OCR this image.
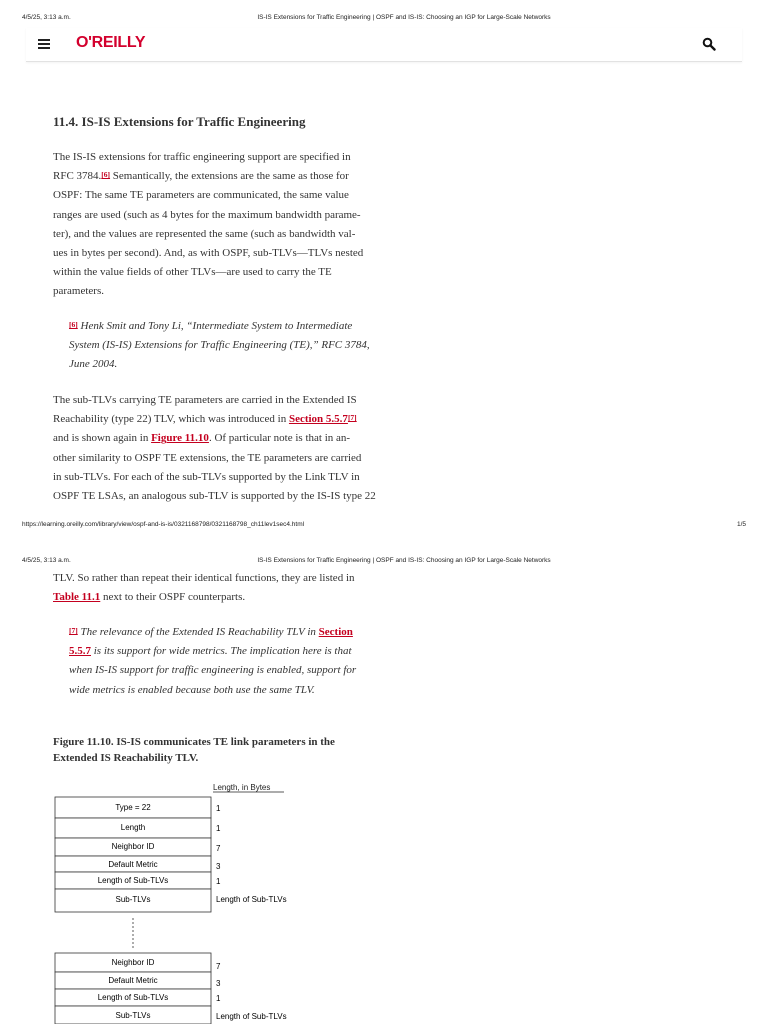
4/5/25, 3:13 a.m.	IS-IS Extensions for Traffic Engineering | OSPF and IS-IS: Choosing an IGP for Large-Scale Networks
O'REILLY
11.4. IS-IS Extensions for Traffic Engineering
The IS-IS extensions for traffic engineering support are specified in
RFC 3784.[6] Semantically, the extensions are the same as those for
OSPF: The same TE parameters are communicated, the same value
ranges are used (such as 4 bytes for the maximum bandwidth parame-
ter), and the values are represented the same (such as bandwidth val-
ues in bytes per second). And, as with OSPF, sub-TLVs—TLVs nested
within the value fields of other TLVs—are used to carry the TE
parameters.
[6] Henk Smit and Tony Li, “Intermediate System to Intermediate
System (IS-IS) Extensions for Traffic Engineering (TE),” RFC 3784,
June 2004.
The sub-TLVs carrying TE parameters are carried in the Extended IS
Reachability (type 22) TLV, which was introduced in Section 5.5.7[7]
and is shown again in Figure 11.10. Of particular note is that in an-
other similarity to OSPF TE extensions, the TE parameters are carried
in sub-TLVs. For each of the sub-TLVs supported by the Link TLV in
OSPF TE LSAs, an analogous sub-TLV is supported by the IS-IS type 22
https://learning.oreilly.com/library/view/ospf-and-is-is/0321168798/0321168798_ch11lev1sec4.html	1/5
4/5/25, 3:13 a.m.	IS-IS Extensions for Traffic Engineering | OSPF and IS-IS: Choosing an IGP for Large-Scale Networks
TLV. So rather than repeat their identical functions, they are listed in
Table 11.1 next to their OSPF counterparts.
[7] The relevance of the Extended IS Reachability TLV in Section
5.5.7 is its support for wide metrics. The implication here is that
when IS-IS support for traffic engineering is enabled, support for
wide metrics is enabled because both use the same TLV.
Figure 11.10. IS-IS communicates TE link parameters in the
Extended IS Reachability TLV.
Length, in Bytes
Type = 22	1
Length	1
Neighbor ID	7
Default Metric	3
Length of Sub-TLVs	1
Sub-TLVs	Length of Sub-TLVs
Neighbor ID	7
Default Metric	3
Length of Sub-TLVs	1
Sub-TLVs	Length of Sub-TLVs
